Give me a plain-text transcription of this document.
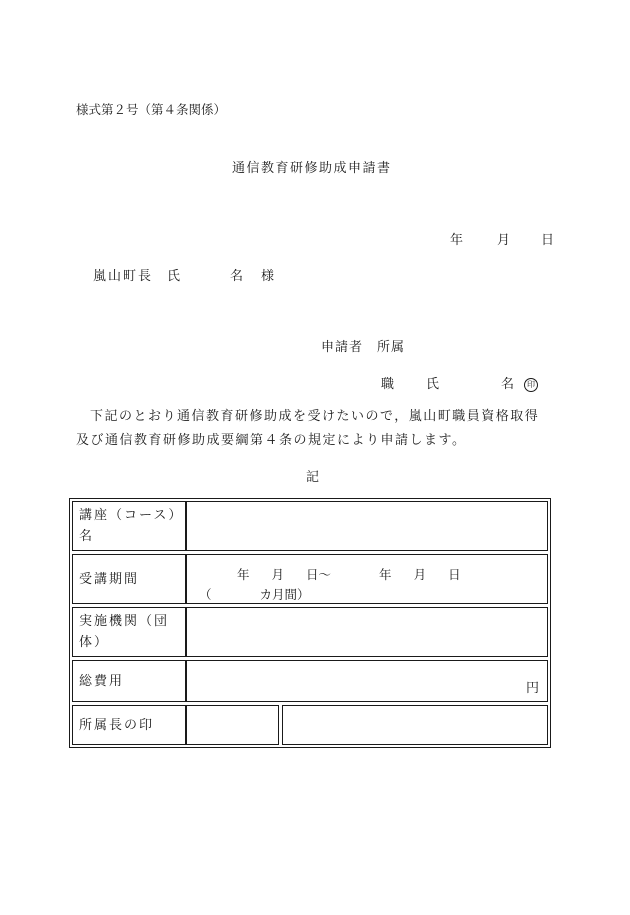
様式第２号（第４条関係）
通信教育研修助成申請書
年	月 日
嵐山町長 氏	名 様
申請者 所属
職 氏	名 印
下記のとおり通信教育研修助成を受けたいので，嵐山町職員資格取得及び通信教育研修助成要綱第４条の規定により申請します。
記
講座（コース）名
受講期間	年 月 日〜	年 月 日
（	カ月間）
実施機関（団体）
総費用	円
所属長の印
